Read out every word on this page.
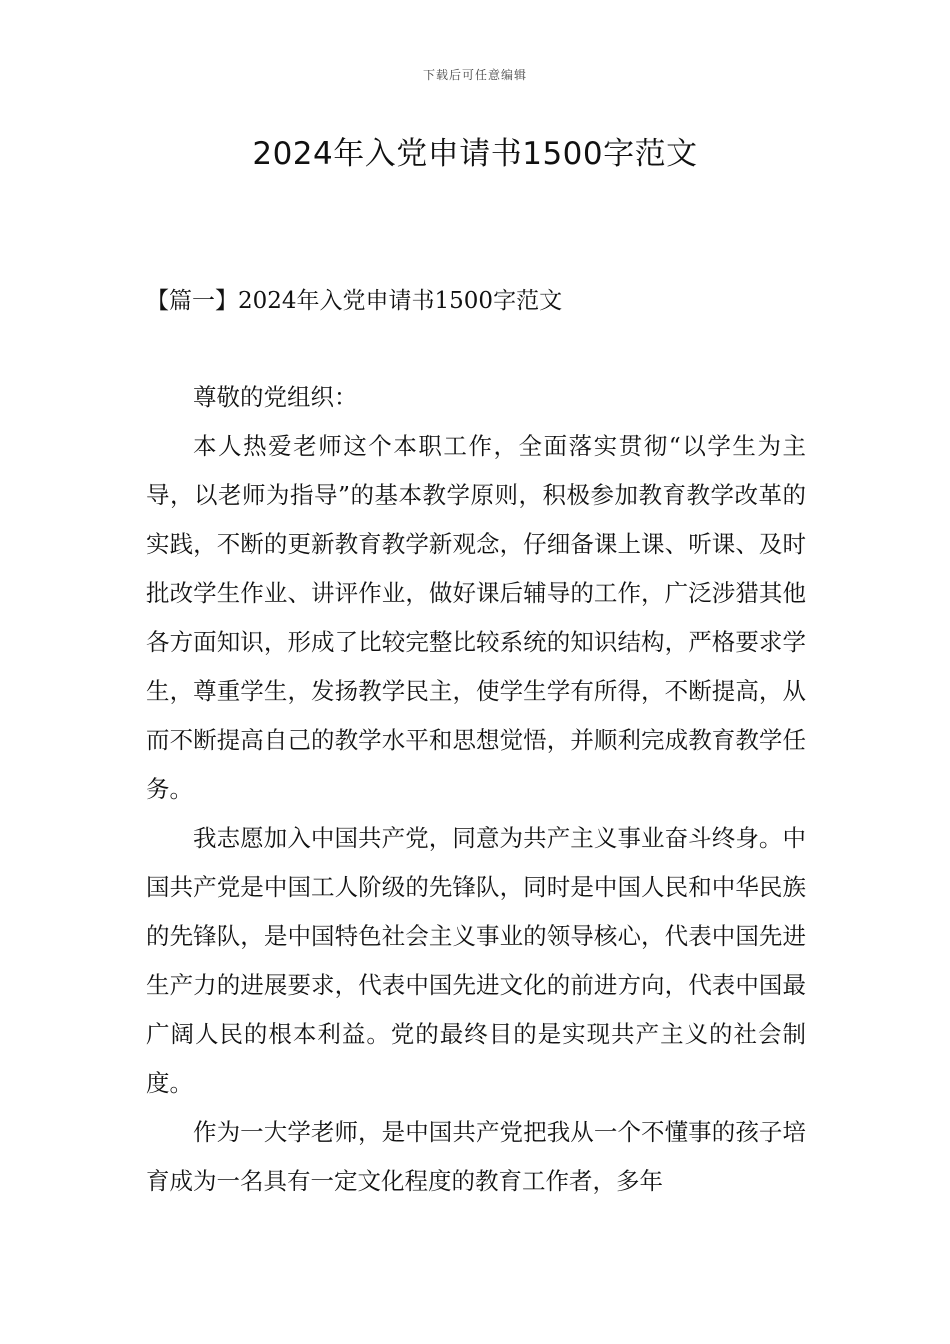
下载后可任意编辑
2024年入党申请书1500字范文
【篇一】2024年入党申请书1500字范文

尊敬的党组织：

本人热爱老师这个本职工作，全面落实贯彻“以学生为主导，以老师为指导”的基本教学原则，积极参加教育教学改革的实践，不断的更新教育教学新观念，仔细备课上课、听课、及时批改学生作业、讲评作业，做好课后辅导的工作，广泛涉猎其他各方面知识，形成了比较完整比较系统的知识结构，严格要求学生，尊重学生，发扬教学民主，使学生学有所得，不断提高，从而不断提高自己的教学水平和思想觉悟，并顺利完成教育教学任务。

我志愿加入中国共产党，同意为共产主义事业奋斗终身。中国共产党是中国工人阶级的先锋队，同时是中国人民和中华民族的先锋队，是中国特色社会主义事业的领导核心，代表中国先进生产力的进展要求，代表中国先进文化的前进方向，代表中国最广阔人民的根本利益。党的最终目的是实现共产主义的社会制度。

作为一大学老师，是中国共产党把我从一个不懂事的孩子培育成为一名具有一定文化程度的教育工作者，多年
